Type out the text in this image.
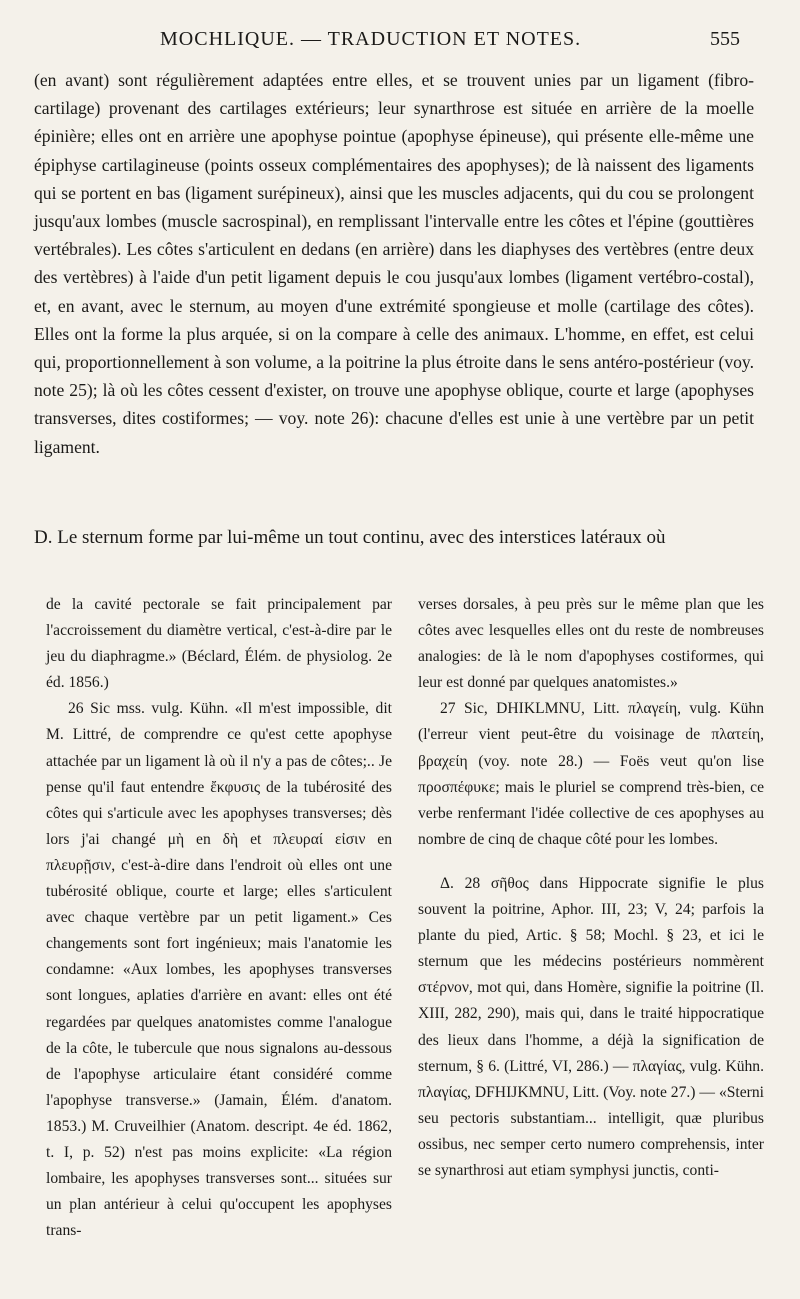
MOCHLIQUE. — TRADUCTION ET NOTES.	555

(en avant) sont régulièrement adaptées entre elles, et se trouvent unies par un ligament (fibro-cartilage) provenant des cartilages extérieurs; leur synarthrose est située en arrière de la moelle épinière; elles ont en arrière une apophyse pointue (apophyse épineuse), qui présente elle-même une épiphyse cartilagineuse (points osseux complémentaires des apophyses); de là naissent des ligaments qui se portent en bas (ligament surépineux), ainsi que les muscles adjacents, qui du cou se prolongent jusqu'aux lombes (muscle sacrospinal), en remplissant l'intervalle entre les côtes et l'épine (gouttières vertébrales). Les côtes s'articulent en dedans (en arrière) dans les diaphyses des vertèbres (entre deux des vertèbres) à l'aide d'un petit ligament depuis le cou jusqu'aux lombes (ligament vertébro-costal), et, en avant, avec le sternum, au moyen d'une extrémité spongieuse et molle (cartilage des côtes). Elles ont la forme la plus arquée, si on la compare à celle des animaux. L'homme, en effet, est celui qui, proportionnellement à son volume, a la poitrine la plus étroite dans le sens antéro-postérieur (voy. note 25); là où les côtes cessent d'exister, on trouve une apophyse oblique, courte et large (apophyses transverses, dites costiformes; — voy. note 26): chacune d'elles est unie à une vertèbre par un petit ligament.

D. Le sternum forme par lui-même un tout continu, avec des interstices latéraux où

de la cavité pectorale se fait principalement par l'accroissement du diamètre vertical, c'est-à-dire par le jeu du diaphragme.» (Béclard, Élém. de physiolog. 2e éd. 1856.)

26 Sic mss. vulg. Kühn. «Il m'est impossible, dit M. Littré, de comprendre ce qu'est cette apophyse attachée par un ligament là où il n'y a pas de côtes;.. Je pense qu'il faut entendre ἔκφυσις de la tubérosité des côtes qui s'articule avec les apophyses transverses; dès lors j'ai changé μὴ en δὴ et πλευραί εἰσιν en πλευρῇσιν, c'est-à-dire dans l'endroit où elles ont une tubérosité oblique, courte et large; elles s'articulent avec chaque vertèbre par un petit ligament.» Ces changements sont fort ingénieux; mais l'anatomie les condamne: «Aux lombes, les apophyses transverses sont longues, aplaties d'arrière en avant: elles ont été regardées par quelques anatomistes comme l'analogue de la côte, le tubercule que nous signalons au-dessous de l'apophyse articulaire étant considéré comme l'apophyse transverse.» (Jamain, Élém. d'anatom. 1853.) M. Cruveilhier (Anatom. descript. 4e éd. 1862, t. I, p. 52) n'est pas moins explicite: «La région lombaire, les apophyses transverses sont... situées sur un plan antérieur à celui qu'occupent les apophyses trans-

verses dorsales, à peu près sur le même plan que les côtes avec lesquelles elles ont du reste de nombreuses analogies: de là le nom d'apophyses costiformes, qui leur est donné par quelques anatomistes.»

27 Sic, DHIKLMNU, Litt. πλαγείη, vulg. Kühn (l'erreur vient peut-être du voisinage de πλατείη, βραχείη (voy. note 28.) — Foës veut qu'on lise προσπέφυκε; mais le pluriel se comprend très-bien, ce verbe renfermant l'idée collective de ces apophyses au nombre de cinq de chaque côté pour les lombes.

Δ. 28 σῆθος dans Hippocrate signifie le plus souvent la poitrine, Aphor. III, 23; V, 24; parfois la plante du pied, Artic. § 58; Mochl. § 23, et ici le sternum que les médecins postérieurs nommèrent στέρνον, mot qui, dans Homère, signifie la poitrine (Il. XIII, 282, 290), mais qui, dans le traité hippocratique des lieux dans l'homme, a déjà la signification de sternum, § 6. (Littré, VI, 286.) — πλαγίας, vulg. Kühn. πλαγίας, DFHIJKMNU, Litt. (Voy. note 27.) — «Sterni seu pectoris substantiam... intelligit, quæ pluribus ossibus, nec semper certo numero comprehensis, inter se synarthrosi aut etiam symphysi junctis, conti-
